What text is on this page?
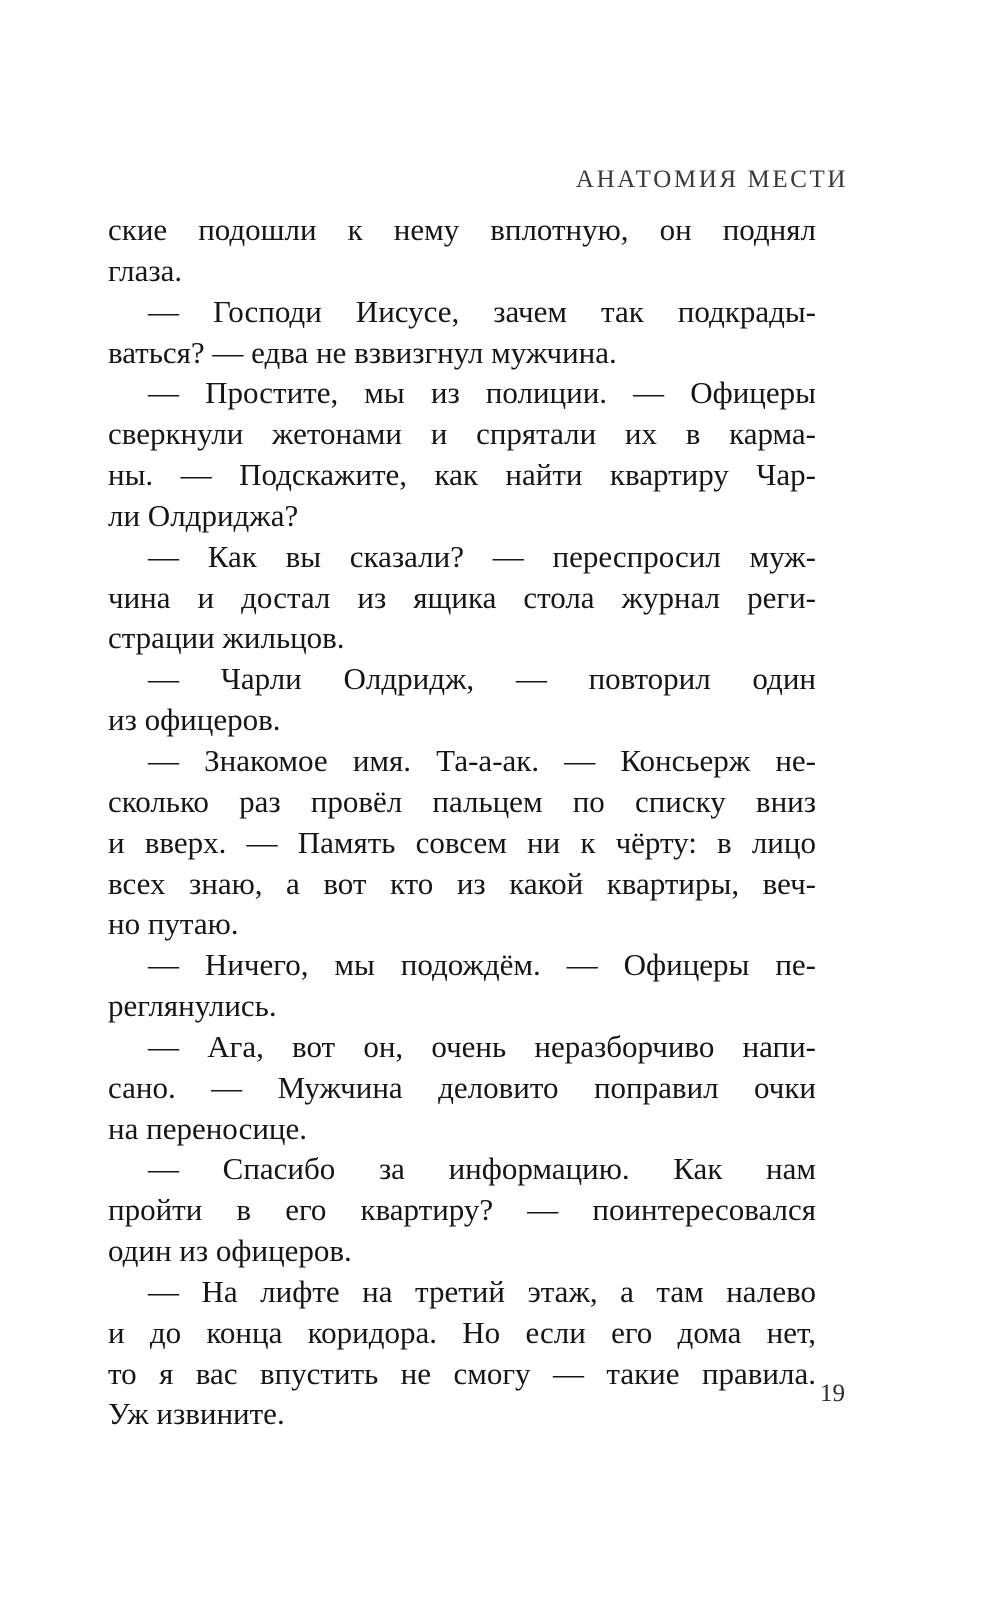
АНАТОМИЯ МЕСТИ
ские подошли к нему вплотную, он поднял
глаза.
— Господи Иисусе, зачем так подкрады-
ваться? — едва не взвизгнул мужчина.
— Простите, мы из полиции. — Офицеры
сверкнули жетонами и спрятали их в карма-
ны. — Подскажите, как найти квартиру Чар-
ли Олдриджа?
— Как вы сказали? — переспросил муж-
чина и достал из ящика стола журнал реги-
страции жильцов.
— Чарли Олдридж, — повторил один
из офицеров.
— Знакомое имя. Та-а-ак. — Консьерж не-
сколько раз провёл пальцем по списку вниз
и вверх. — Память совсем ни к чёрту: в лицо
всех знаю, а вот кто из какой квартиры, веч-
но путаю.
— Ничего, мы подождём. — Офицеры пе-
реглянулись.
— Ага, вот он, очень неразборчиво напи-
сано. — Мужчина деловито поправил очки
на переносице.
— Спасибо за информацию. Как нам
пройти в его квартиру? — поинтересовался
один из офицеров.
— На лифте на третий этаж, а там налево
и до конца коридора. Но если его дома нет,
то я вас впустить не смогу — такие правила.
Уж извините.
19
